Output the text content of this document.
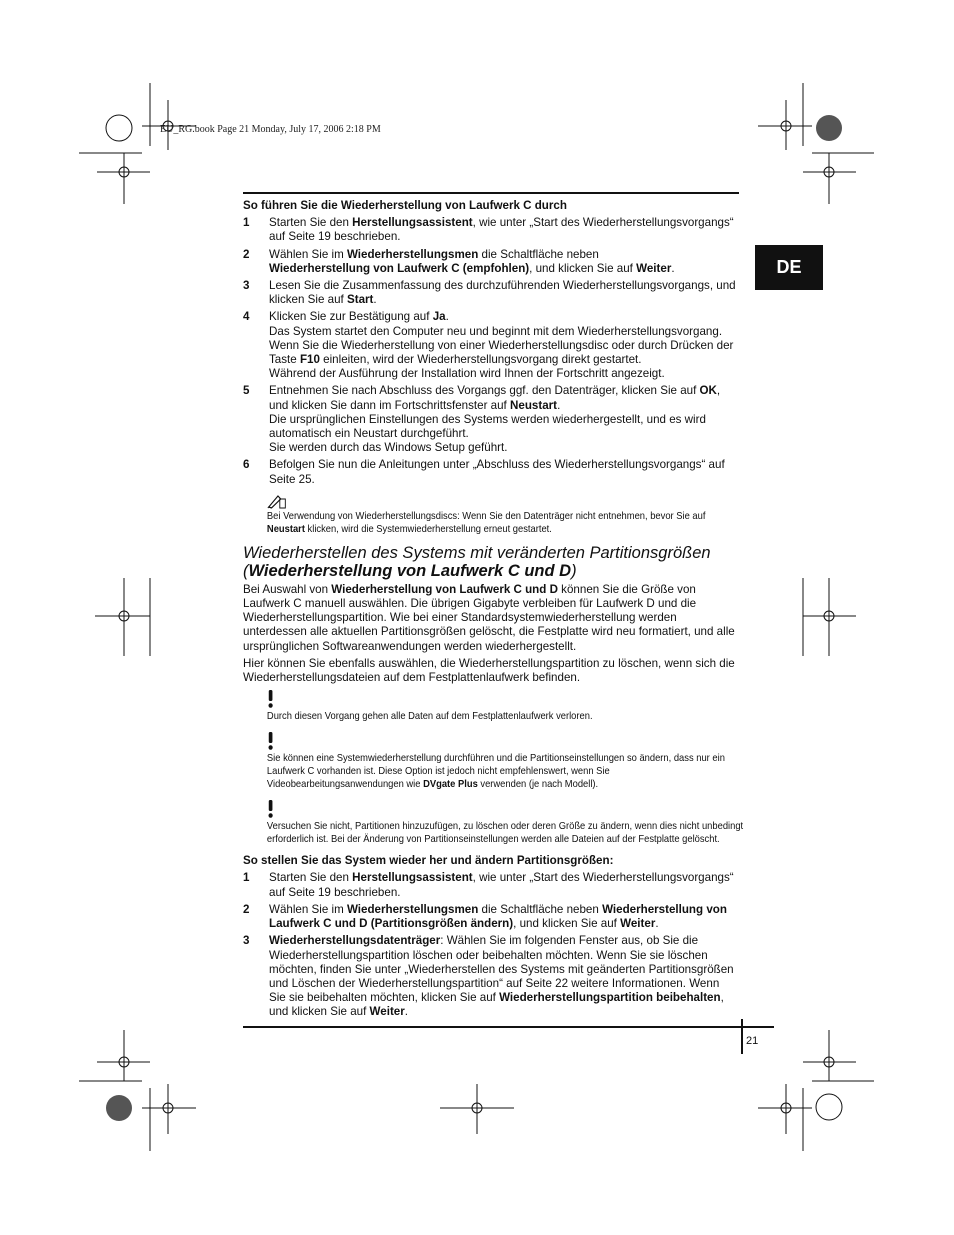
EU_RG.book Page 21 Monday, July 17, 2006 2:18 PM
21
DE
So führen Sie die Wiederherstellung von Laufwerk C durch
1 Starten Sie den Herstellungsassistent, wie unter „Start des Wiederherstellungsvorgangs“ auf Seite 19 beschrieben.
2 Wählen Sie im Wiederherstellungsmen die Schaltfläche neben
Wiederherstellung von Laufwerk C (empfohlen), und klicken Sie auf Weiter.
3 Lesen Sie die Zusammenfassung des durchzuführenden Wiederherstellungsvorgangs, und klicken Sie auf Start.
4 Klicken Sie zur Bestätigung auf Ja.
Das System startet den Computer neu und beginnt mit dem Wiederherstellungsvorgang.
Wenn Sie die Wiederherstellung von einer Wiederherstellungsdisc oder durch Drücken der Taste F10 einleiten, wird der Wiederherstellungsvorgang direkt gestartet.
Während der Ausführung der Installation wird Ihnen der Fortschritt angezeigt.
5 Entnehmen Sie nach Abschluss des Vorgangs ggf. den Datenträger, klicken Sie auf OK, und klicken Sie dann im Fortschrittsfenster auf Neustart.
Die ursprünglichen Einstellungen des Systems werden wiederhergestellt, und es wird automatisch ein Neustart durchgeführt.
Sie werden durch das Windows Setup geführt.
6 Befolgen Sie nun die Anleitungen unter „Abschluss des Wiederherstellungsvorgangs“ auf Seite 25.
Bei Verwendung von Wiederherstellungsdiscs: Wenn Sie den Datenträger nicht entnehmen, bevor Sie auf Neustart klicken, wird die Systemwiederherstellung erneut gestartet.
Wiederherstellen des Systems mit veränderten Partitionsgrößen
(Wiederherstellung von Laufwerk C und D)

Bei Auswahl von Wiederherstellung von Laufwerk C und D können Sie die Größe von Laufwerk C manuell auswählen. Die übrigen Gigabyte verbleiben für Laufwerk D und die Wiederherstellungspartition. Wie bei einer Standardsystemwiederherstellung werden unterdessen alle aktuellen Partitionsgrößen gelöscht, die Festplatte wird neu formatiert, und alle ursprünglichen Softwareanwendungen werden wiederhergestellt.

Hier können Sie ebenfalls auswählen, die Wiederherstellungspartition zu löschen, wenn sich die Wiederherstellungsdateien auf dem Festplattenlaufwerk befinden.

Durch diesen Vorgang gehen alle Daten auf dem Festplattenlaufwerk verloren.
Sie können eine Systemwiederherstellung durchführen und die Partitionseinstellungen so ändern, dass nur ein Laufwerk C vorhanden ist. Diese Option ist jedoch nicht empfehlenswert, wenn Sie Videobearbeitungsanwendungen wie DVgate Plus verwenden (je nach Modell).
Versuchen Sie nicht, Partitionen hinzuzufügen, zu löschen oder deren Größe zu ändern, wenn dies nicht unbedingt erforderlich ist. Bei der Änderung von Partitionseinstellungen werden alle Dateien auf der Festplatte gelöscht.
So stellen Sie das System wieder her und ändern Partitionsgrößen:
1 Starten Sie den Herstellungsassistent, wie unter „Start des Wiederherstellungsvorgangs“ auf Seite 19 beschrieben.
2 Wählen Sie im Wiederherstellungsmen die Schaltfläche neben Wiederherstellung von Laufwerk C und D (Partitionsgrößen ändern), und klicken Sie auf Weiter.
3 Wiederherstellungsdatenträger: Wählen Sie im folgenden Fenster aus, ob Sie die Wiederherstellungspartition löschen oder beibehalten möchten. Wenn Sie sie löschen möchten, finden Sie unter „Wiederherstellen des Systems mit geänderten Partitionsgrößen und Löschen der Wiederherstellungspartition“ auf Seite 22 weitere Informationen. Wenn Sie sie beibehalten möchten, klicken Sie auf Wiederherstellungspartition beibehalten, und klicken Sie auf Weiter.
